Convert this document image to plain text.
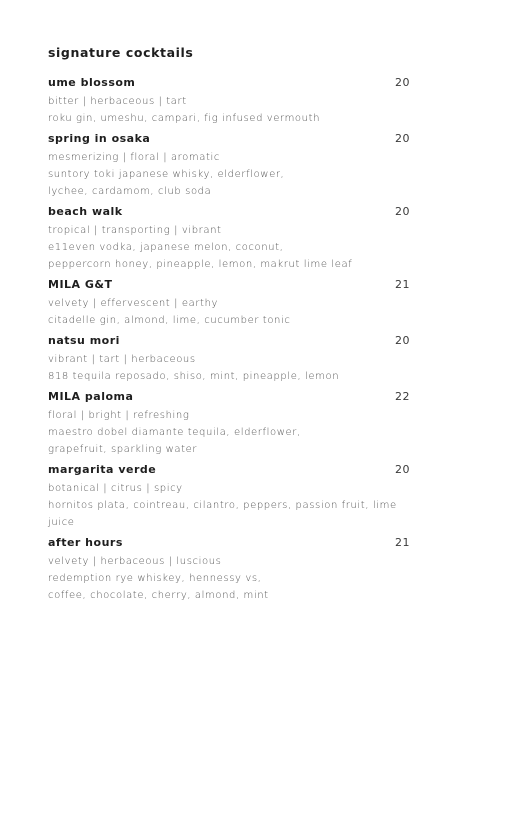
signature cocktails
ume blossom	20
bitter | herbaceous | tart
roku gin, umeshu, campari, fig infused vermouth
spring in osaka	20
mesmerizing | floral | aromatic
suntory toki japanese whisky, elderflower,
lychee, cardamom, club soda
beach walk	20
tropical | transporting | vibrant
e11even vodka, japanese melon, coconut,
peppercorn honey, pineapple, lemon, makrut lime leaf
MILA G&T	21
velvety | effervescent | earthy
citadelle gin, almond, lime, cucumber tonic
natsu mori	20
vibrant | tart | herbaceous
818 tequila reposado, shiso, mint, pineapple, lemon
MILA paloma	22
floral | bright | refreshing
maestro dobel diamante tequila, elderflower,
grapefruit, sparkling water
margarita verde	20
botanical | citrus | spicy
hornitos plata, cointreau, cilantro, peppers, passion fruit, lime juice
after hours	21
velvety | herbaceous | luscious
redemption rye whiskey, hennessy vs,
coffee, chocolate, cherry, almond, mint
